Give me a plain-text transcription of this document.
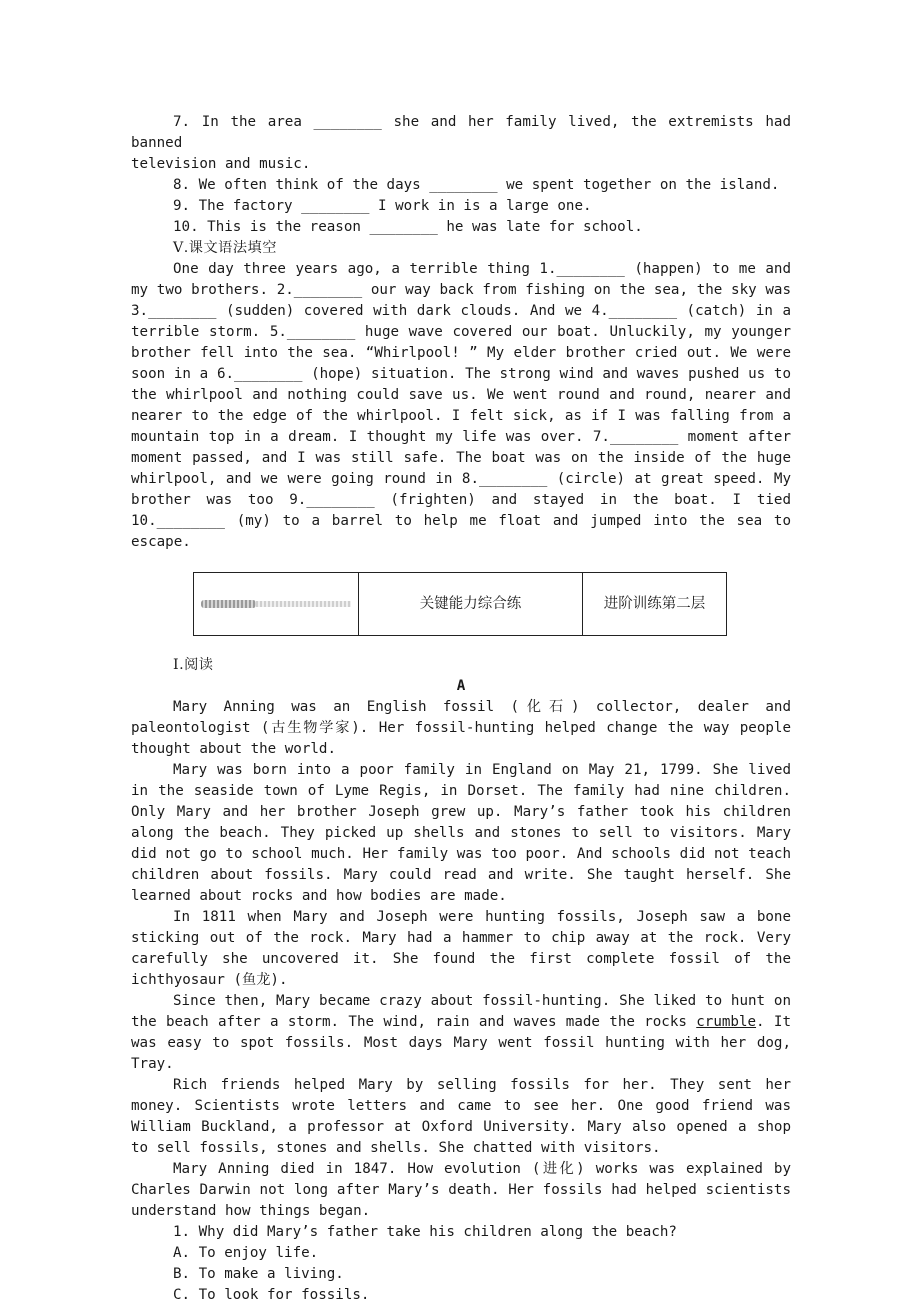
7. In the area ________ she and her family lived, the extremists had banned

television and music.

8. We often think of the days ________ we spent together on the island.

9. The factory ________ I work in is a large one.

10. This is the reason ________ he was late for school.

Ⅴ.课文语法填空

One day three years ago, a terrible thing 1.________ (happen) to me and my two brothers. 2.________ our way back from fishing on the sea, the sky was 3.________ (sudden) covered with dark clouds. And we 4.________ (catch) in a terrible storm. 5.________ huge wave covered our boat. Unluckily, my younger brother fell into the sea. “Whirlpool! ” My elder brother cried out. We were soon in a 6.________ (hope) situation. The strong wind and waves pushed us to the whirlpool and nothing could save us. We went round and round, nearer and nearer to the edge of the whirlpool. I felt sick, as if I was falling from a mountain top in a dream. I thought my life was over. 7.________ moment after moment passed, and I was still safe. The boat was on the inside of the huge whirlpool, and we were going round in 8.________ (circle) at great speed. My brother was too 9.________ (frighten) and stayed in the boat. I tied 10.________ (my) to a barrel to help me float and jumped into the sea to escape.

	关键能力综合练	进阶训练第二层

Ⅰ.阅读

A

Mary Anning was an English fossil (化石) collector, dealer and paleontologist (古生物学家). Her fossil-hunting helped change the way people thought about the world.

Mary was born into a poor family in England on May 21, 1799. She lived in the seaside town of Lyme Regis, in Dorset. The family had nine children. Only Mary and her brother Joseph grew up. Mary’s father took his children along the beach. They picked up shells and stones to sell to visitors. Mary did not go to school much. Her family was too poor. And schools did not teach children about fossils. Mary could read and write. She taught herself. She learned about rocks and how bodies are made.

In 1811 when Mary and Joseph were hunting fossils, Joseph saw a bone sticking out of the rock. Mary had a hammer to chip away at the rock. Very carefully she uncovered it. She found the first complete fossil of the ichthyosaur (鱼龙).

Since then, Mary became crazy about fossil-hunting. She liked to hunt on the beach after a storm. The wind, rain and waves made the rocks crumble. It was easy to spot fossils. Most days Mary went fossil hunting with her dog, Tray.

Rich friends helped Mary by selling fossils for her. They sent her money. Scientists wrote letters and came to see her. One good friend was William Buckland, a professor at Oxford University. Mary also opened a shop to sell fossils, stones and shells. She chatted with visitors.

Mary Anning died in 1847. How evolution (进化) works was explained by Charles Darwin not long after Mary’s death. Her fossils had helped scientists understand how things began.

1. Why did Mary’s father take his children along the beach?

A. To enjoy life.

B. To make a living.

C. To look for fossils.
